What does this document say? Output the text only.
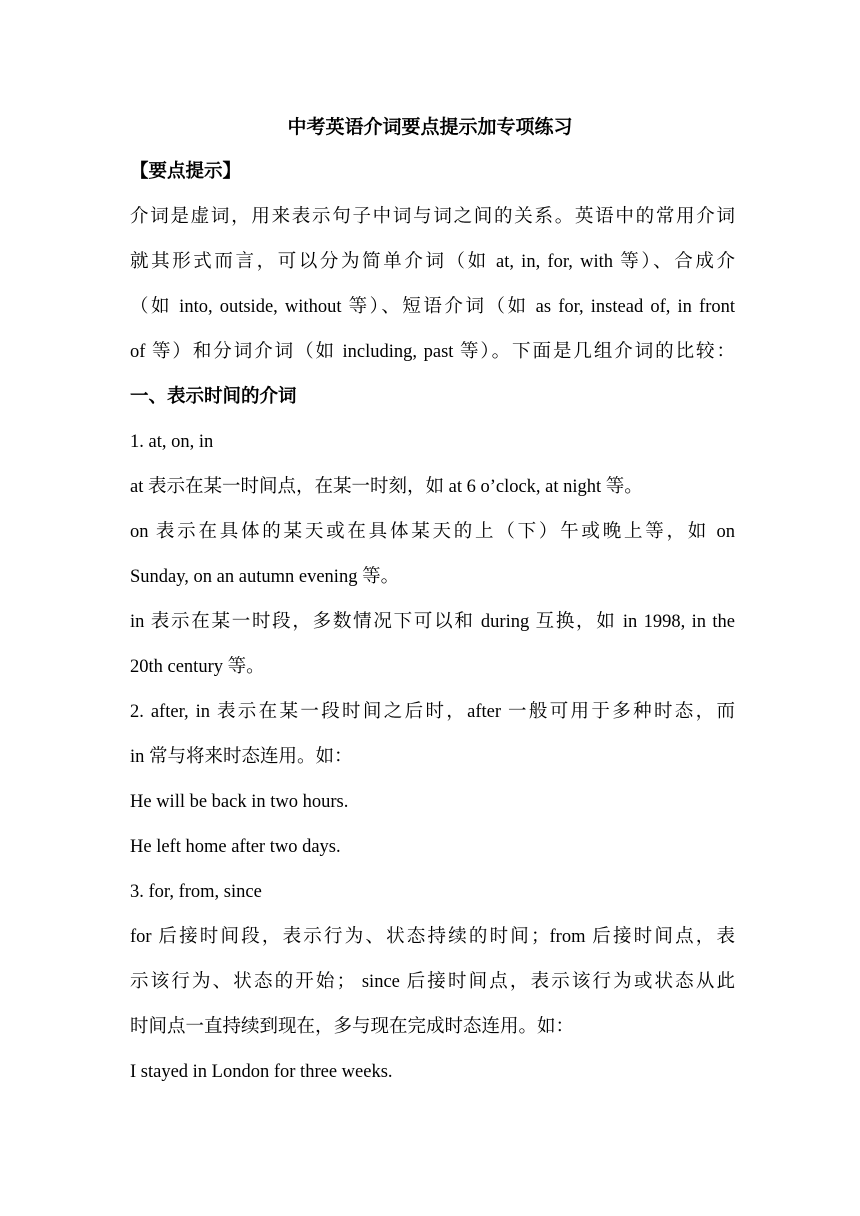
中考英语介词要点提示加专项练习
【要点提示】
介词是虚词，用来表示句子中词与词之间的关系。英语中的常用介词
就其形式而言，可以分为简单介词（如 at, in, for, with 等）、合成介
（如 into, outside, without 等）、短语介词（如 as for, instead of, in front
of 等）和分词介词（如 including, past 等）。下面是几组介词的比较：
一、表示时间的介词
1. at, on, in
at 表示在某一时间点，在某一时刻，如 at 6 o’clock, at night 等。
on 表示在具体的某天或在具体某天的上（下）午或晚上等，如 on
Sunday, on an autumn evening 等。
in 表示在某一时段，多数情况下可以和 during 互换，如 in 1998, in the
20th century 等。
2. after, in 表示在某一段时间之后时，after 一般可用于多种时态，而
in 常与将来时态连用。如：
He will be back in two hours.
He left home after two days.
3. for, from, since
for 后接时间段，表示行为、状态持续的时间；from 后接时间点，表
示该行为、状态的开始； since 后接时间点，表示该行为或状态从此
时间点一直持续到现在，多与现在完成时态连用。如：
I stayed in London for three weeks.
